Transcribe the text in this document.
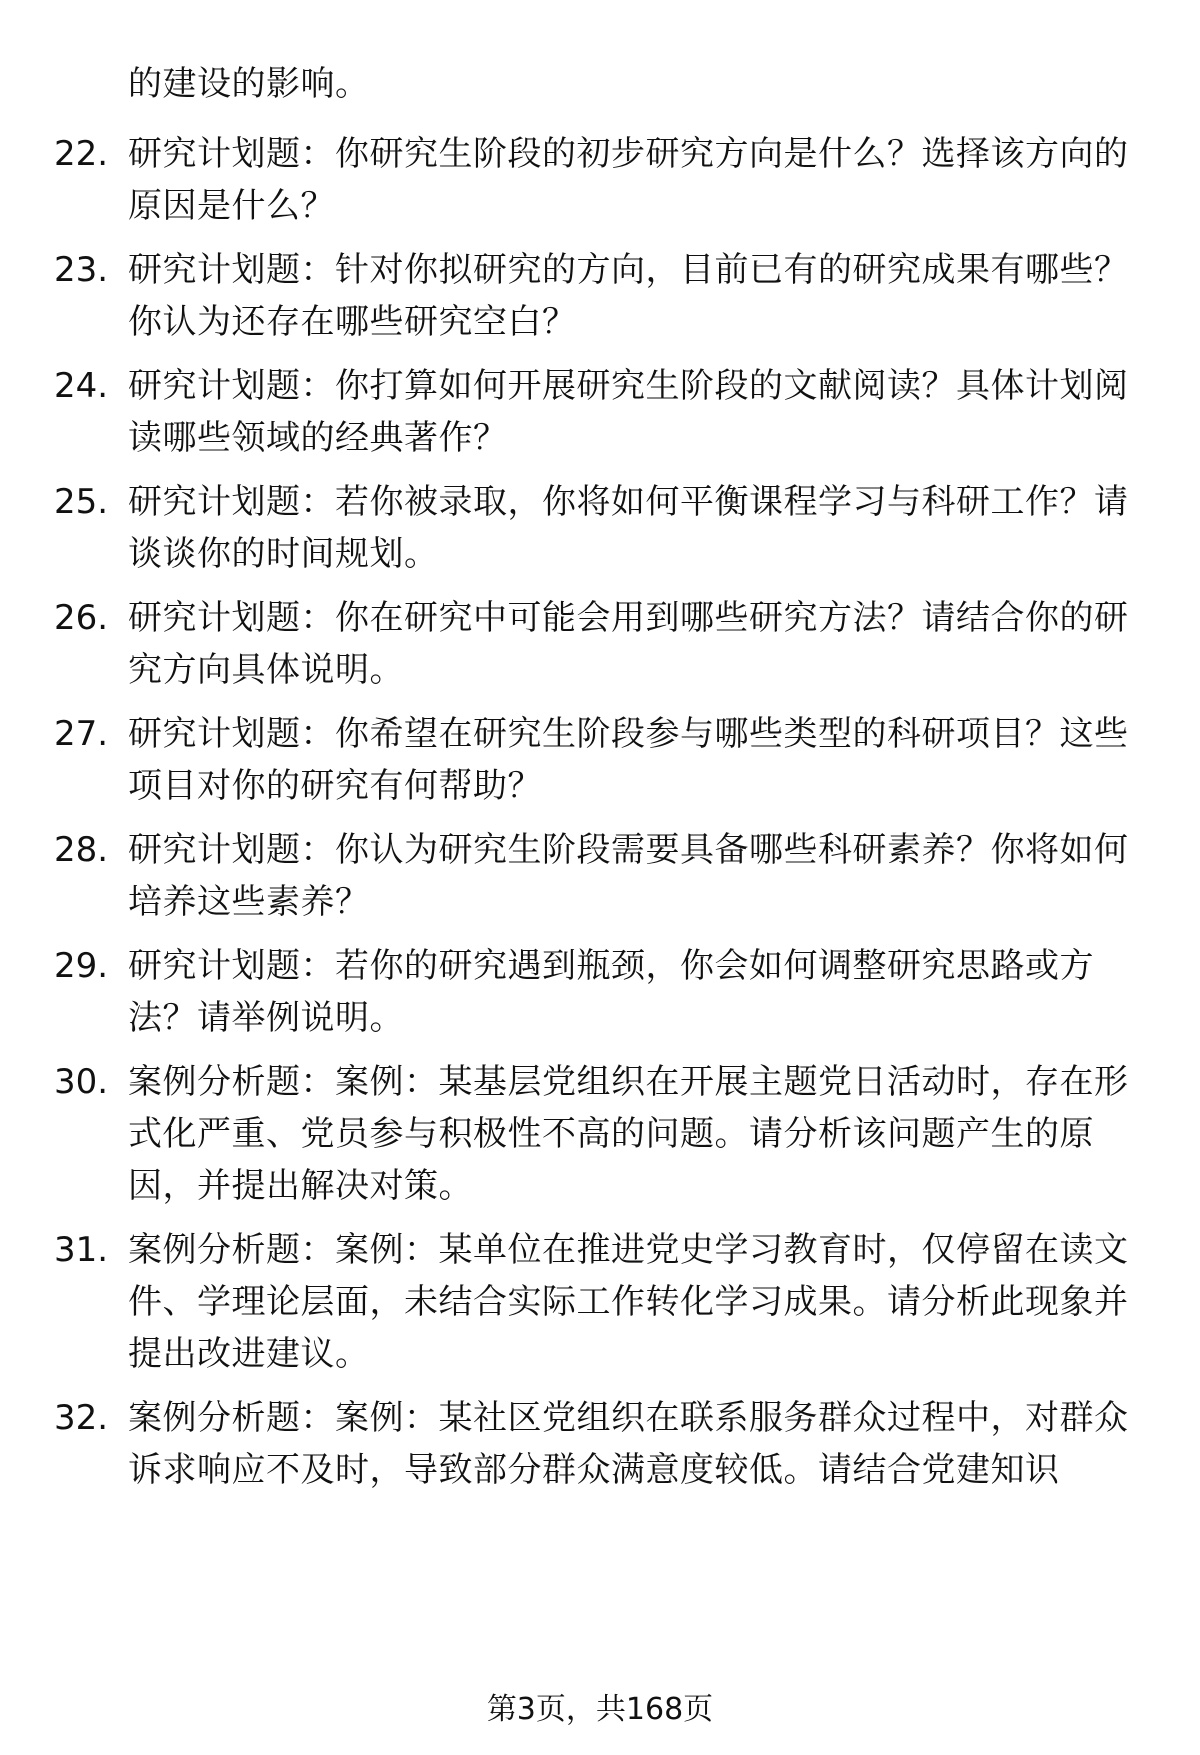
的建设的影响。

22. 研究计划题：你研究生阶段的初步研究方向是什么？选择该方向的原因是什么？
23. 研究计划题：针对你拟研究的方向，目前已有的研究成果有哪些？你认为还存在哪些研究空白？
24. 研究计划题：你打算如何开展研究生阶段的文献阅读？具体计划阅读哪些领域的经典著作？
25. 研究计划题：若你被录取，你将如何平衡课程学习与科研工作？请谈谈你的时间规划。
26. 研究计划题：你在研究中可能会用到哪些研究方法？请结合你的研究方向具体说明。
27. 研究计划题：你希望在研究生阶段参与哪些类型的科研项目？这些项目对你的研究有何帮助？
28. 研究计划题：你认为研究生阶段需要具备哪些科研素养？你将如何培养这些素养？
29. 研究计划题：若你的研究遇到瓶颈，你会如何调整研究思路或方法？请举例说明。
30. 案例分析题：案例：某基层党组织在开展主题党日活动时，存在形式化严重、党员参与积极性不高的问题。请分析该问题产生的原因，并提出解决对策。
31. 案例分析题：案例：某单位在推进党史学习教育时，仅停留在读文件、学理论层面，未结合实际工作转化学习成果。请分析此现象并提出改进建议。
32. 案例分析题：案例：某社区党组织在联系服务群众过程中，对群众诉求响应不及时，导致部分群众满意度较低。请结合党建知识
第3页，共168页
